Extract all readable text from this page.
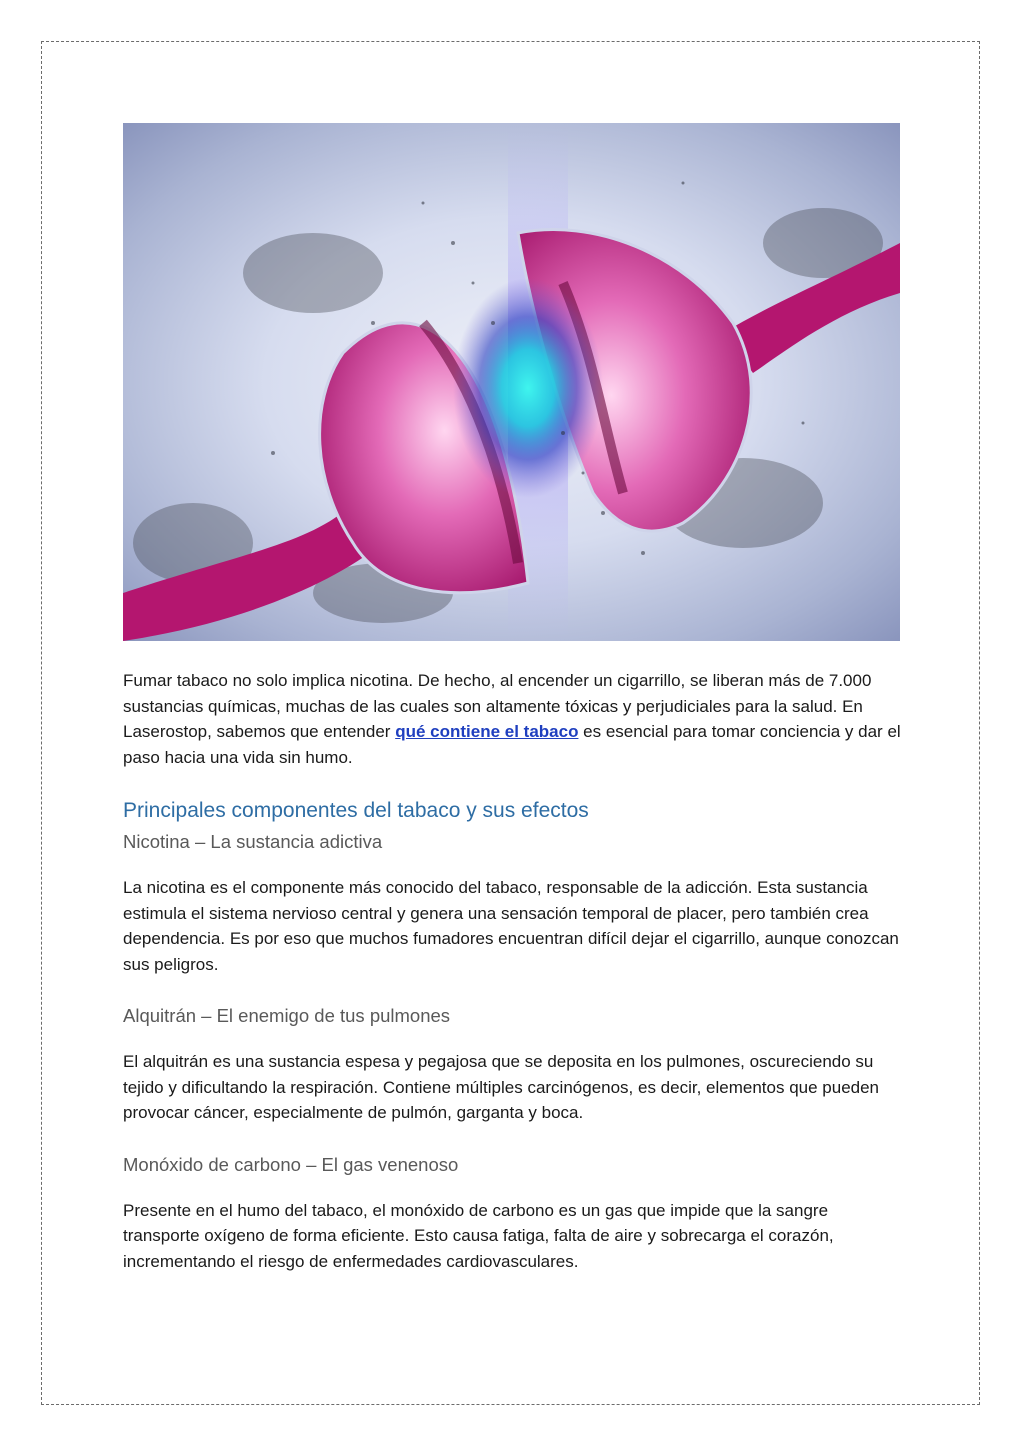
Fumar tabaco no solo implica nicotina. De hecho, al encender un cigarrillo, se liberan más de 7.000 sustancias químicas, muchas de las cuales son altamente tóxicas y perjudiciales para la salud. En Laserostop, sabemos que entender qué contiene el tabaco es esencial para tomar conciencia y dar el paso hacia una vida sin humo.

Principales componentes del tabaco y sus efectos
Nicotina – La sustancia adictiva

La nicotina es el componente más conocido del tabaco, responsable de la adicción. Esta sustancia estimula el sistema nervioso central y genera una sensación temporal de placer, pero también crea dependencia. Es por eso que muchos fumadores encuentran difícil dejar el cigarrillo, aunque conozcan sus peligros.

Alquitrán – El enemigo de tus pulmones

El alquitrán es una sustancia espesa y pegajosa que se deposita en los pulmones, oscureciendo su tejido y dificultando la respiración. Contiene múltiples carcinógenos, es decir, elementos que pueden provocar cáncer, especialmente de pulmón, garganta y boca.

Monóxido de carbono – El gas venenoso

Presente en el humo del tabaco, el monóxido de carbono es un gas que impide que la sangre transporte oxígeno de forma eficiente. Esto causa fatiga, falta de aire y sobrecarga el corazón, incrementando el riesgo de enfermedades cardiovasculares.
